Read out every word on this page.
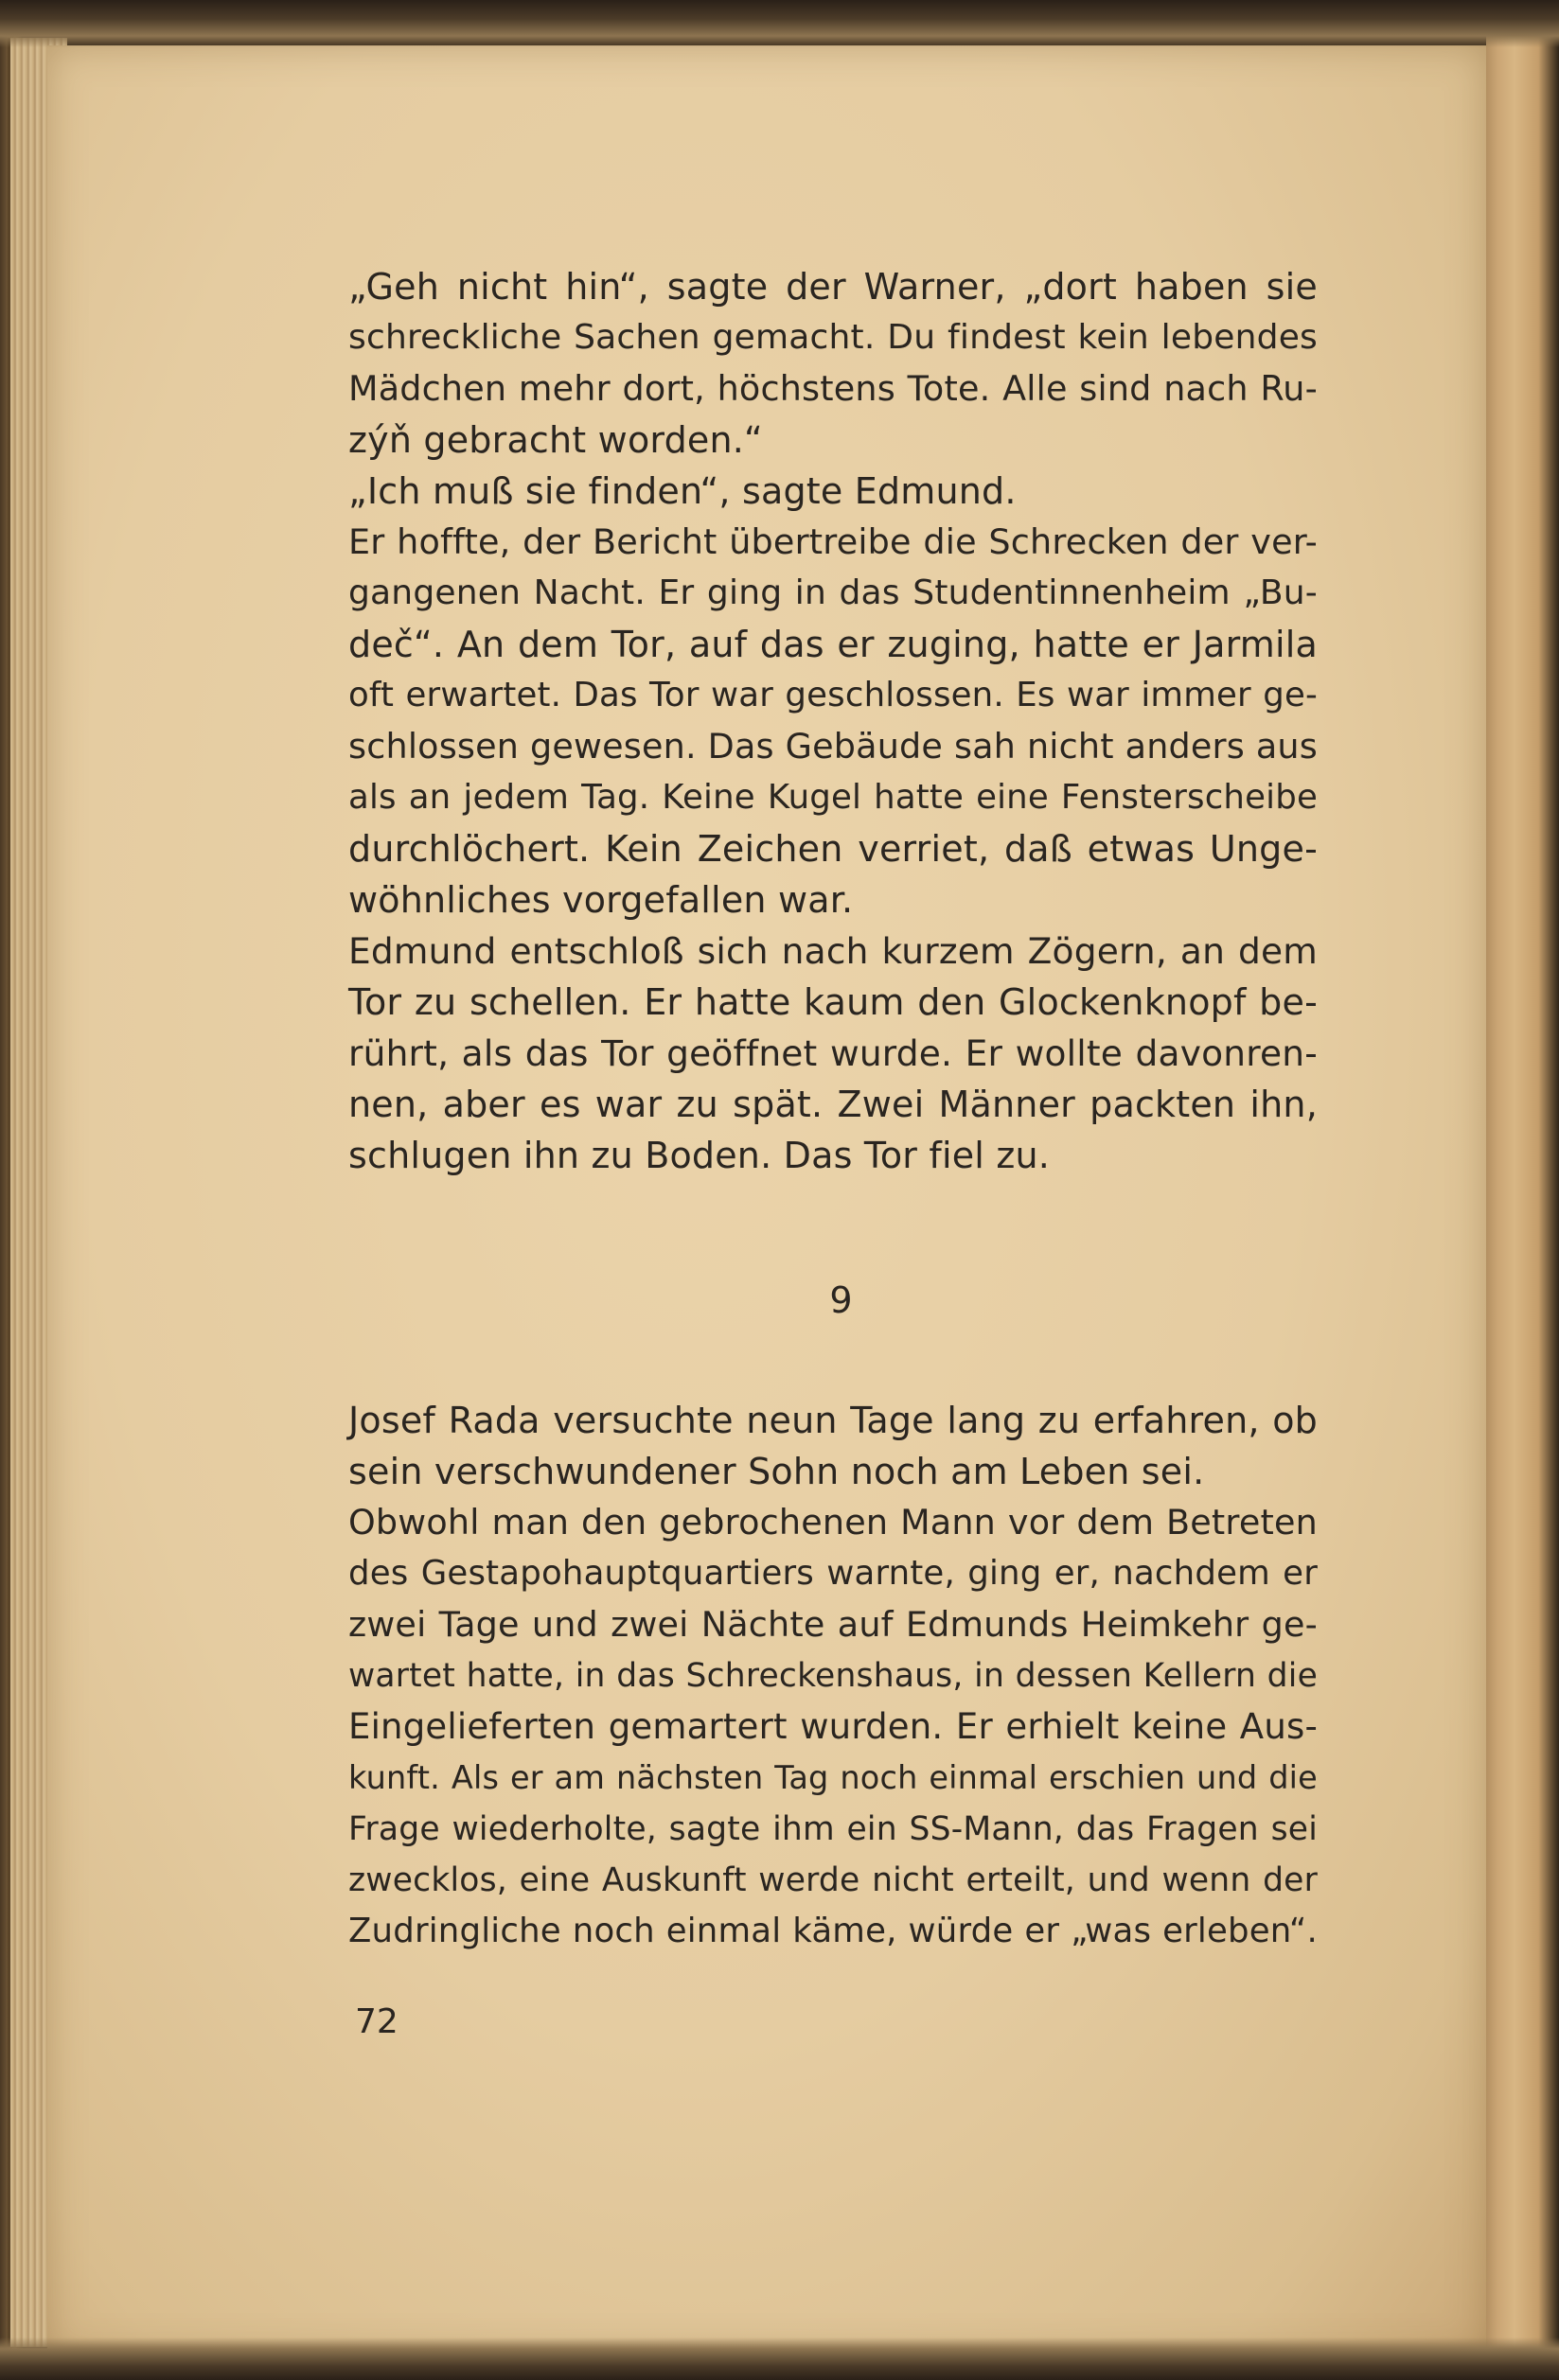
„Geh nicht hin“, sagte der Warner, „dort haben sie
schreckliche Sachen gemacht. Du findest kein lebendes
Mädchen mehr dort, höchstens Tote. Alle sind nach Ru-
zýň gebracht worden.“
„Ich muß sie finden“, sagte Edmund.
Er hoffte, der Bericht übertreibe die Schrecken der ver-
gangenen Nacht. Er ging in das Studentinnenheim „Bu-
deč“. An dem Tor, auf das er zuging, hatte er Jarmila
oft erwartet. Das Tor war geschlossen. Es war immer ge-
schlossen gewesen. Das Gebäude sah nicht anders aus
als an jedem Tag. Keine Kugel hatte eine Fensterscheibe
durchlöchert. Kein Zeichen verriet, daß etwas Unge-
wöhnliches vorgefallen war.
Edmund entschloß sich nach kurzem Zögern, an dem
Tor zu schellen. Er hatte kaum den Glockenknopf be-
rührt, als das Tor geöffnet wurde. Er wollte davonren-
nen, aber es war zu spät. Zwei Männer packten ihn,
schlugen ihn zu Boden. Das Tor fiel zu.
9
Josef Rada versuchte neun Tage lang zu erfahren, ob
sein verschwundener Sohn noch am Leben sei.
Obwohl man den gebrochenen Mann vor dem Betreten
des Gestapohauptquartiers warnte, ging er, nachdem er
zwei Tage und zwei Nächte auf Edmunds Heimkehr ge-
wartet hatte, in das Schreckenshaus, in dessen Kellern die
Eingelieferten gemartert wurden. Er erhielt keine Aus-
kunft. Als er am nächsten Tag noch einmal erschien und die
Frage wiederholte, sagte ihm ein SS-Mann, das Fragen sei
zwecklos, eine Auskunft werde nicht erteilt, und wenn der
Zudringliche noch einmal käme, würde er „was erleben“.
72
